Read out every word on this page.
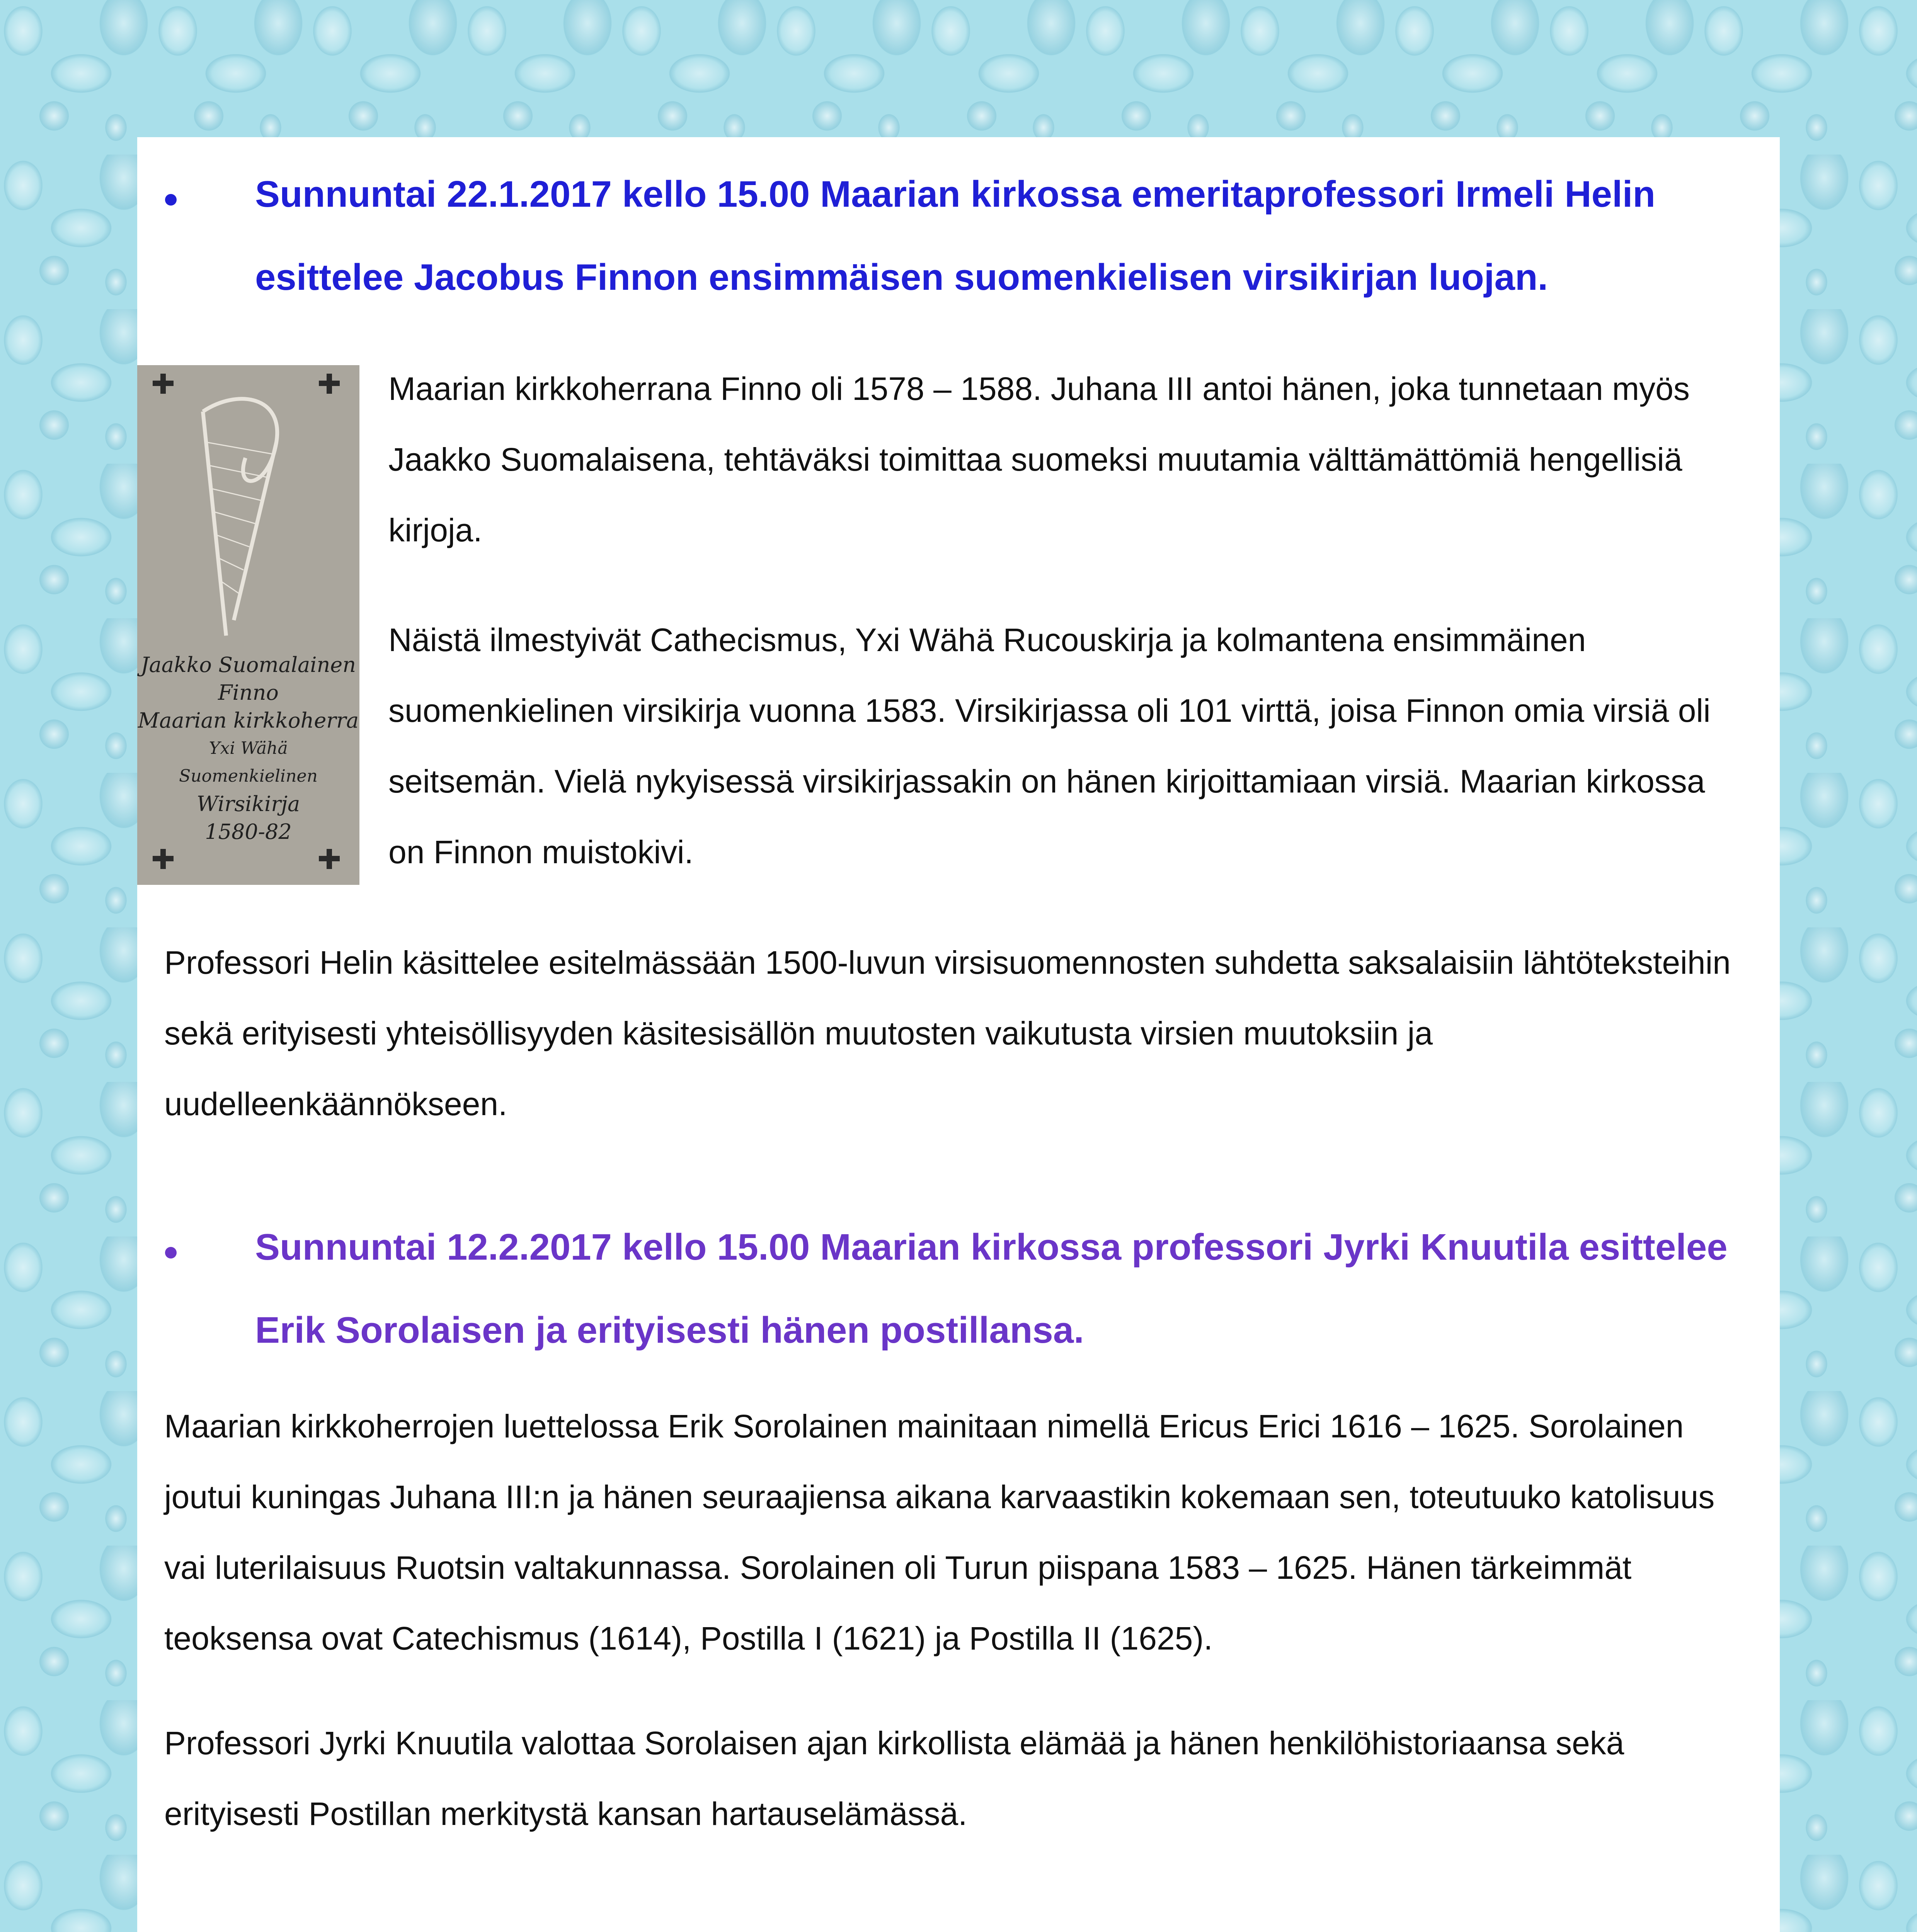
Sunnuntai 22.1.2017 kello 15.00 Maarian kirkossa emeritaprofessori Irmeli Helin esittelee Jacobus Finnon ensimmäisen suomenkielisen virsikirjan luojan.

Jaakko Suomalainen
Finno
Maarian kirkkoherra
Yxi Wähä Suomenkielinen
Wirsikirja
1580-82

Maarian kirkkoherrana Finno oli 1578 – 1588. Juhana III antoi hänen, joka tunnetaan myös Jaakko Suomalaisena, tehtäväksi toimittaa suomeksi muutamia välttämättömiä hengellisiä kirjoja.

Näistä ilmestyivät Cathecismus, Yxi Wähä Rucouskirja ja kolmantena ensimmäinen suomenkielinen virsikirja vuonna 1583. Virsikirjassa oli 101 virttä, joisa Finnon omia virsiä oli seitsemän. Vielä nykyisessä virsikirjassakin on hänen kirjoittamiaan virsiä. Maarian kirkossa on Finnon muistokivi.

Professori Helin käsittelee esitelmässään 1500-luvun virsisuomennosten suhdetta saksalaisiin lähtöteksteihin sekä erityisesti yhteisöllisyyden käsitesisällön muutosten vaikutusta virsien muutoksiin ja uudelleenkäännökseen.

Sunnuntai 12.2.2017 kello 15.00 Maarian kirkossa professori Jyrki Knuutila esittelee Erik Sorolaisen ja erityisesti hänen postillansa.

Maarian kirkkoherrojen luettelossa Erik Sorolainen mainitaan nimellä Ericus Erici 1616 – 1625. Sorolainen joutui kuningas Juhana III:n ja hänen seuraajiensa aikana karvaastikin kokemaan sen, toteutuuko katolisuus vai luterilaisuus Ruotsin valtakunnassa. Sorolainen oli Turun piispana 1583 – 1625. Hänen tärkeimmät teoksensa ovat Catechismus (1614), Postilla I (1621) ja Postilla II (1625).

Professori Jyrki Knuutila valottaa Sorolaisen ajan kirkollista elämää ja hänen henkilöhistoriaansa sekä erityisesti Postillan merkitystä kansan hartauselämässä.
